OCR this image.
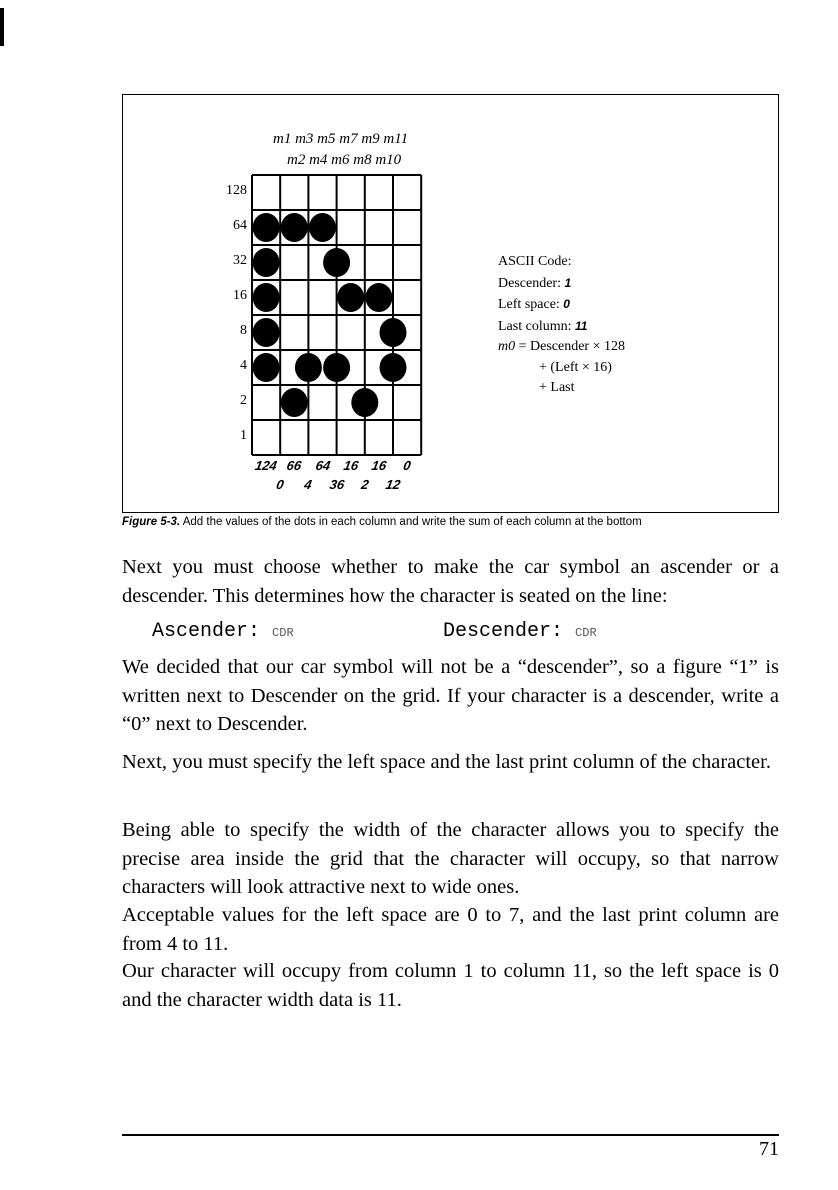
m1 m3 m5 m7 m9 m11
m2 m4 m6 m8 m10
128
64
32
16
8
4
2
1
124
0
66
4
64
36
16
2
16
12
0
ASCII Code:
Descender: 1
Left space: 0
Last column: 11
m0 = Descender × 128
+ (Left × 16)
+ Last
Figure 5-3. Add the values of the dots in each column and write the sum of each column at the bottom
Next you must choose whether to make the car symbol an ascender or a descender. This determines how the character is seated on the line:
Ascender: CDR	Descender: CDR
We decided that our car symbol will not be a “descender”, so a figure “1” is written next to Descender on the grid. If your character is a descender, write a “0” next to Descender.
Next, you must specify the left space and the last print column of the character.
Being able to specify the width of the character allows you to specify the precise area inside the grid that the character will occupy, so that narrow characters will look attractive next to wide ones.
Acceptable values for the left space are 0 to 7, and the last print column are from 4 to 11.
Our character will occupy from column 1 to column 11, so the left space is 0 and the character width data is 11.
71
